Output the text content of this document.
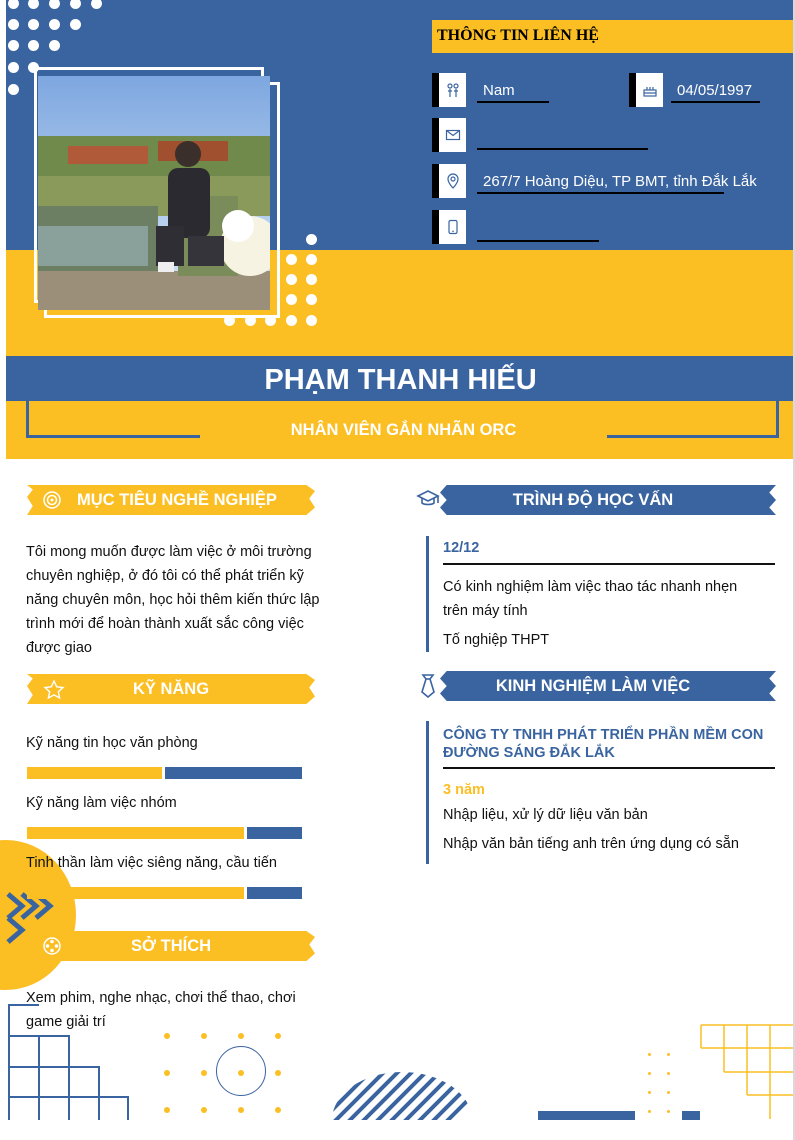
THÔNG TIN LIÊN HỆ
Nam	04/05/1997
267/7 Hoàng Diệu, TP BMT, tỉnh Đắk Lắk
PHẠM THANH HIẾU
NHÂN VIÊN GẮN NHÃN ORC
MỤC TIÊU NGHỀ NGHIỆP
Tôi mong muốn được làm việc ở môi trường chuyên nghiệp, ở đó tôi có thể phát triển kỹ năng chuyên môn, học hỏi thêm kiến thức lập trình mới để hoàn thành xuất sắc công việc được giao
KỸ NĂNG
Kỹ năng tin học văn phòng
Kỹ năng làm việc nhóm
Tinh thần làm việc siêng năng, cầu tiến
SỞ THÍCH
Xem phim, nghe nhạc, chơi thể thao, chơi game giải trí
TRÌNH ĐỘ HỌC VẤN
12/12
Có kinh nghiệm làm việc thao tác nhanh nhẹn trên máy tính
Tố nghiệp THPT
KINH NGHIỆM LÀM VIỆC
CÔNG TY TNHH PHÁT TRIỂN PHẦN MỀM CON ĐƯỜNG SÁNG ĐẮK LẮK
3 năm
Nhập liệu, xử lý dữ liệu văn bản
Nhập văn bản tiếng anh trên ứng dụng có sẵn
